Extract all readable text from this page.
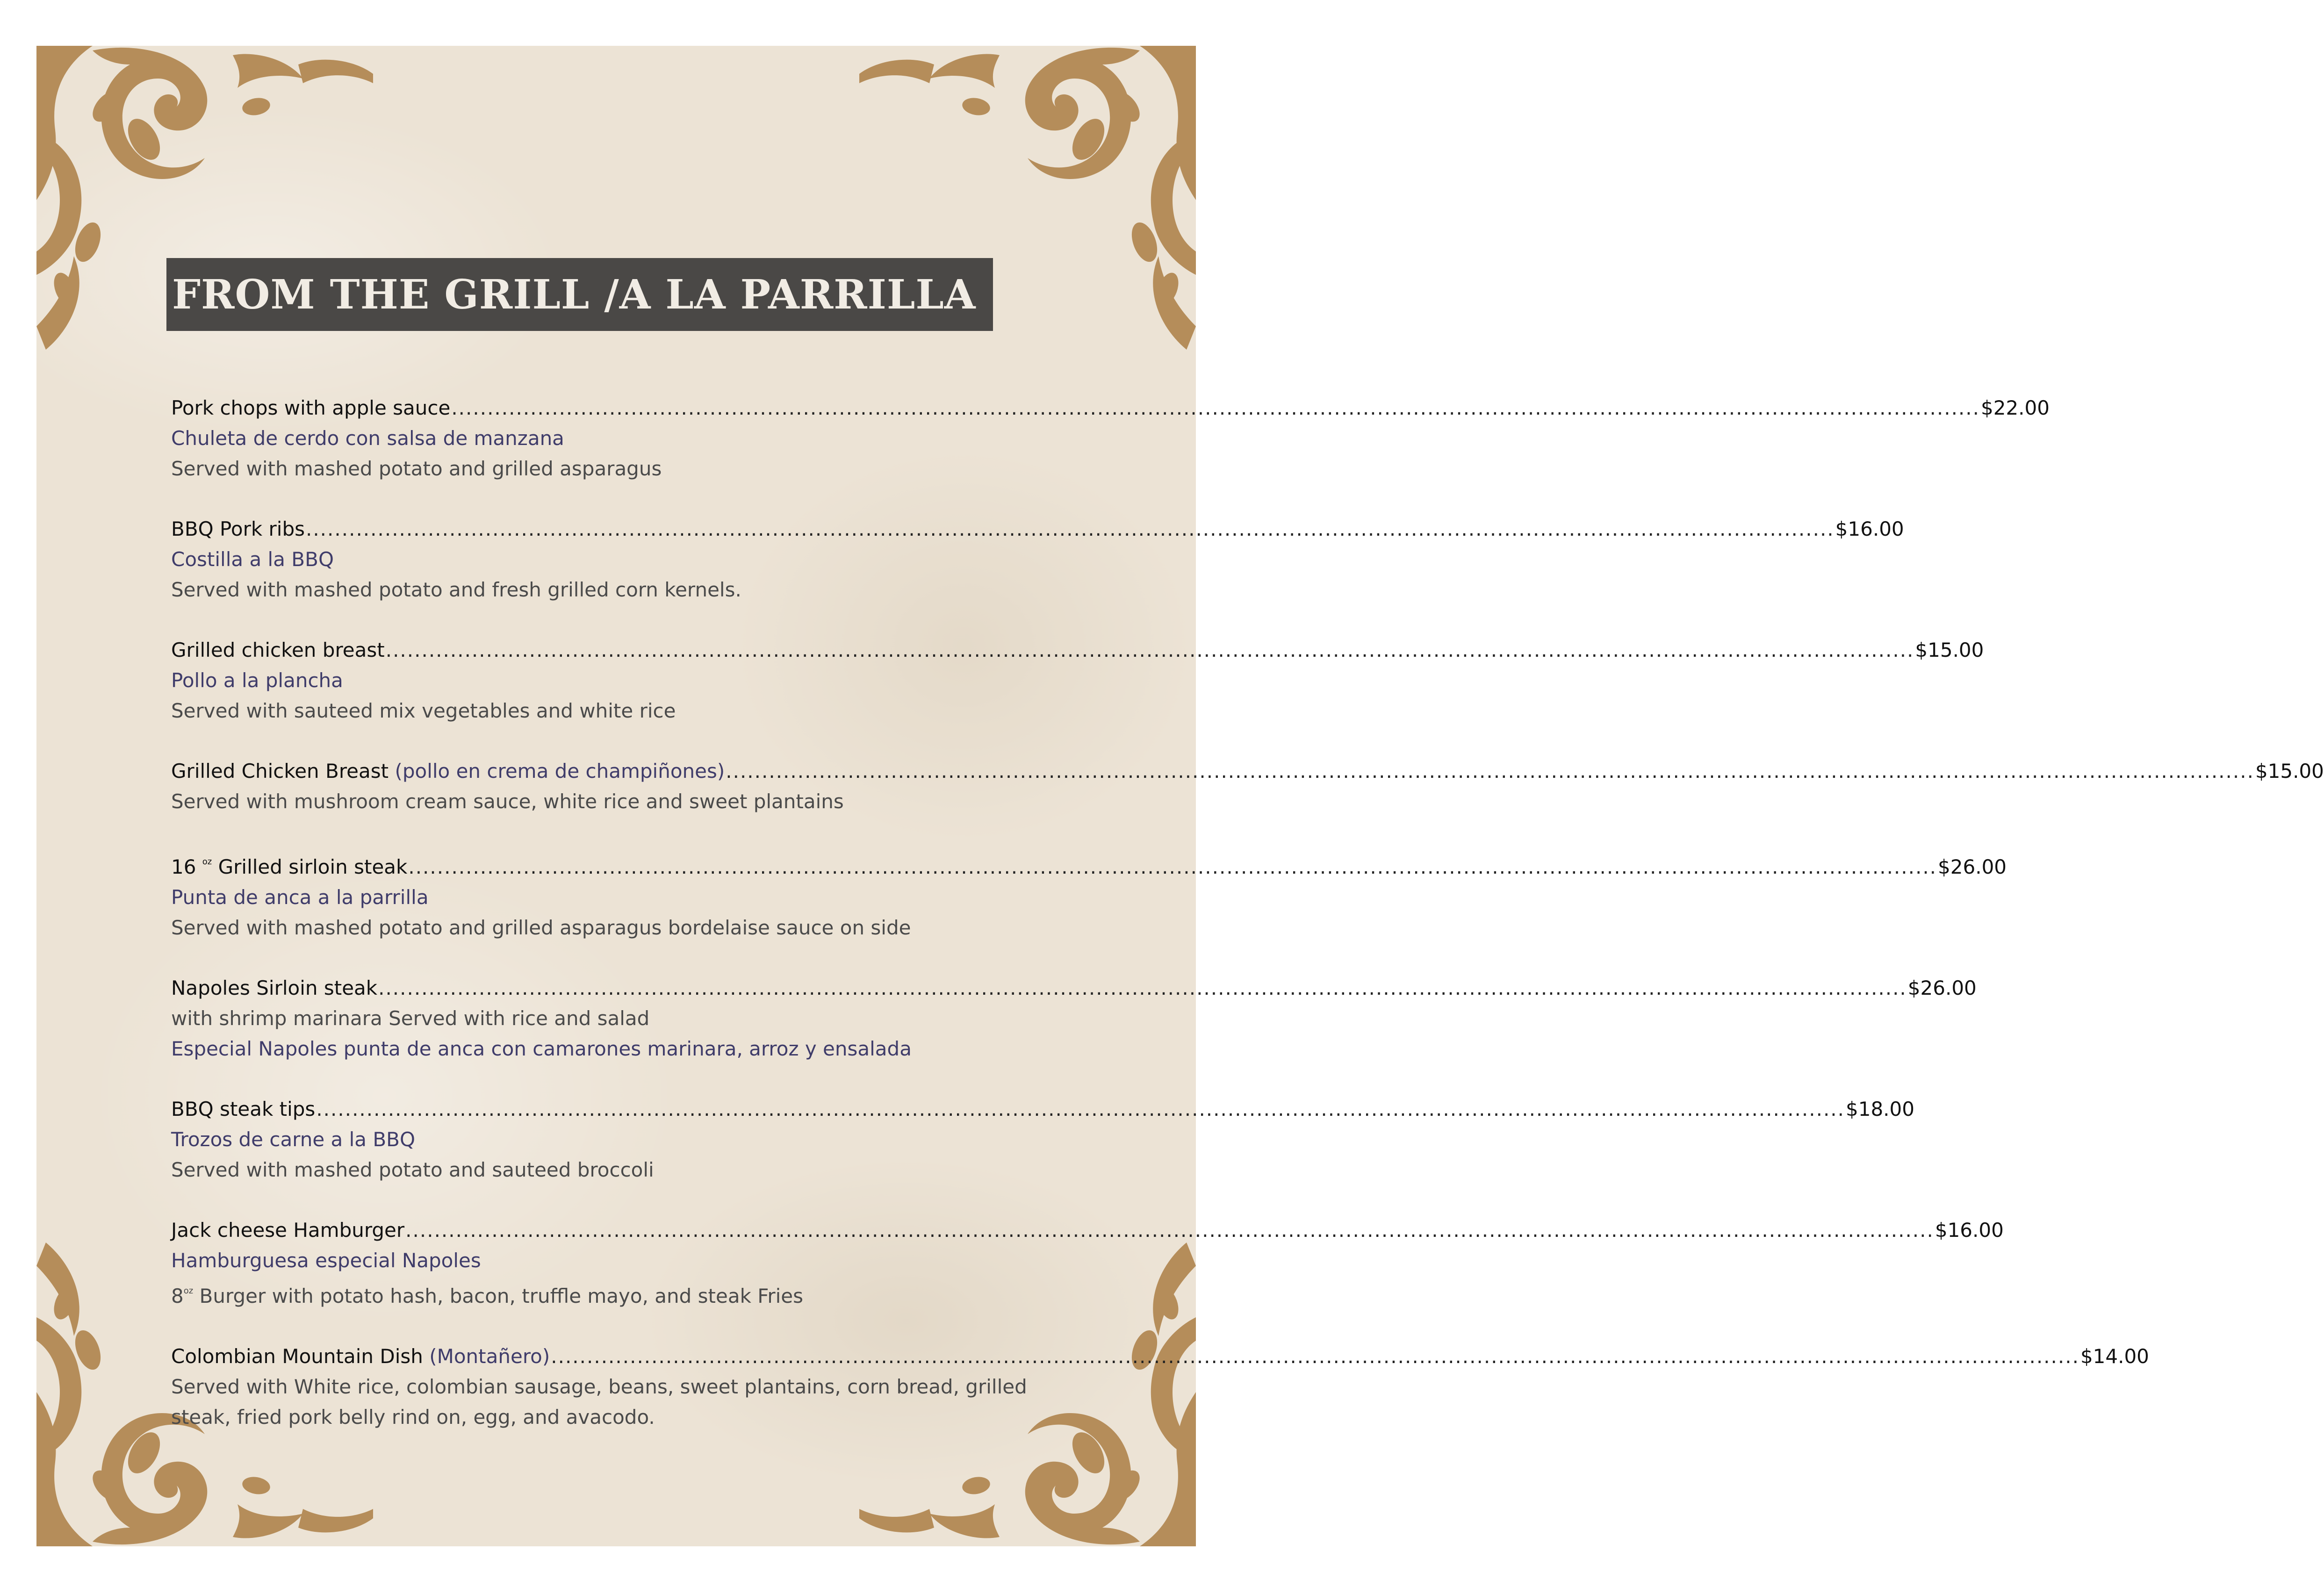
FROM THE GRILL /A LA PARRILLA
Pork chops with apple sauce ..................................................................................................................................................................................................................... $22.00
Chuleta de cerdo con salsa de manzana
Served with mashed potato and grilled asparagus
BBQ Pork ribs ..................................................................................................................................................................................................................... $16.00
Costilla a la BBQ
Served with mashed potato and fresh grilled corn kernels.
Grilled chicken breast ..................................................................................................................................................................................................................... $15.00
Pollo a la plancha
Served with sauteed mix vegetables and white rice
Grilled Chicken Breast (pollo en crema de champiñones) ..................................................................................................................................................................................................................... $15.00
Served with mushroom cream sauce, white rice and sweet plantains
16 $^{oz}$ Grilled sirloin steak ..................................................................................................................................................................................................................... $26.00
Punta de anca a la parrilla
Served with mashed potato and grilled asparagus bordelaise sauce on side
Napoles Sirloin steak ..................................................................................................................................................................................................................... $26.00
with shrimp marinara Served with rice and salad
Especial Napoles punta de anca con camarones marinara, arroz y ensalada
BBQ steak tips ..................................................................................................................................................................................................................... $18.00
Trozos de carne a la BBQ
Served with mashed potato and sauteed broccoli
Jack cheese Hamburger ..................................................................................................................................................................................................................... $16.00
Hamburguesa especial Napoles
$8^{oz}$ Burger with potato hash, bacon, truffle mayo, and steak Fries
Colombian Mountain Dish (Montañero) ..................................................................................................................................................................................................................... $14.00
Served with White rice, colombian sausage, beans, sweet plantains, corn bread, grilled steak, fried pork belly rind on, egg, and avacodo.
